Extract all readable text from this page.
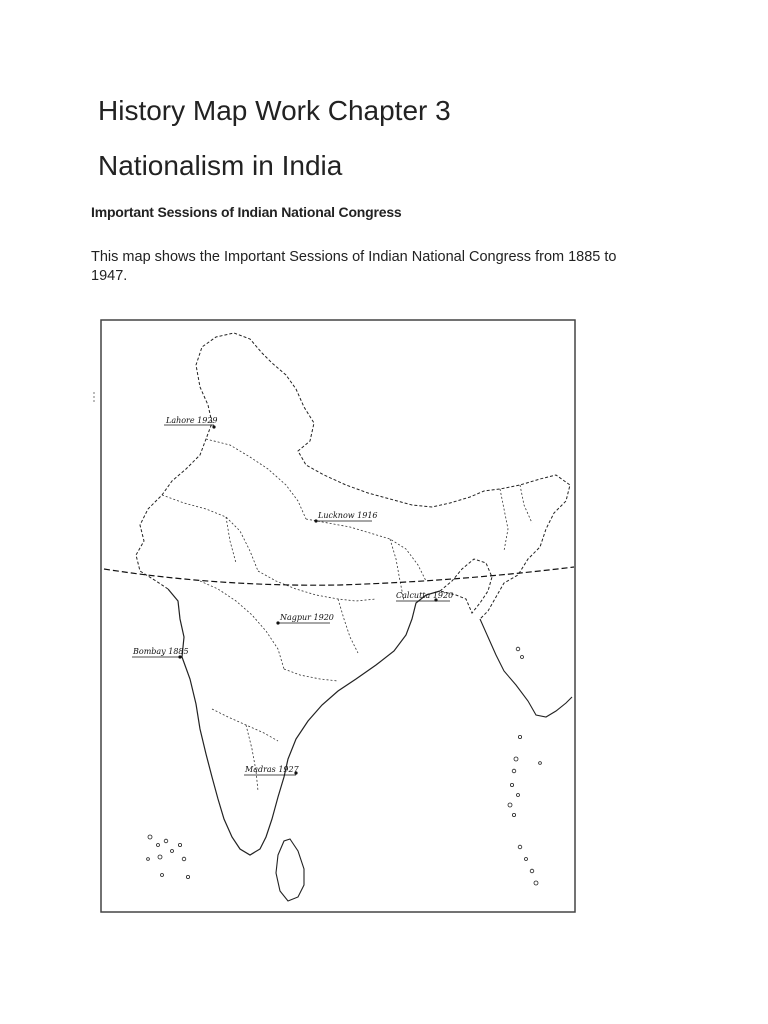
History Map Work Chapter 3
Nationalism in India
Important Sessions of Indian National Congress

This map shows the Important Sessions of Indian National Congress from 1885 to 1947.

Lahore 1929
Lucknow 1916
Calcutta 1920
Nagpur 1920
Bombay 1885
Madras 1927
